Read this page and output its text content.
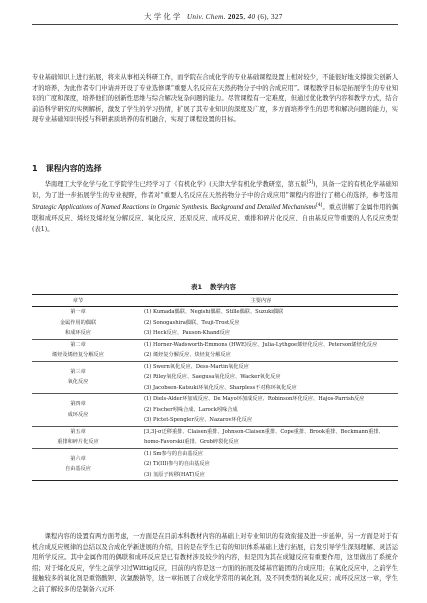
大 学 化 学 Univ. Chem. 2025, 40 (6), 327
专业基础知识上进行拓展，将来从事相关科研工作，而学院在合成化学的专业基础课程设置上相对较少，不能很好地支撑拔尖创新人才的培养，为此作者专门申请并开设了专业选修课“重要人名反应在天然药物分子中的合成应用”。课程教学目标是拓展学生的专业知识的广度和深度，培养他们的创新性思维与综合解决复杂问题的能力。尽管课程有一定难度，但通过优化教学内容和教学方式，结合前沿科学研究的实例解析，激发了学生的学习热情，扩展了其专业知识的深度及广度，多方面培养学生的思考和解决问题的能力，实现专业基础知识传授与科研素质培养的有机融合，实现了课程设置的目标。
1 课程内容的选择
华南理工大学化学与化工学院学生已经学习了《有机化学》(天津大学有机化学教研室，第五版[5])，具备一定的有机化学基础知识，为了进一步拓展学生的专业视野，作者对“重要人名反应在天然药物分子中的合成应用”课程内容进行了精心的选择，参考选用Strategic Applications of Named Reactions in Organic Synthesis. Background and Detailed Mechanisms[4]。重点讲解了金属作用的偶联和成环反应、烯烃及烯烃复分解反应、氧化反应、还原反应、成环反应、重排和碎片化反应、自由基反应等重要的人名反应类型(表1)。
表1 教学内容
章节	主要内容

第一章
金属作用的偶联
和成环反应	(1) Kumada偶联、Negishi偶联、Stille偶联、Suzuki偶联
(2) Sonogashira偶联、Tsuji-Trost反应
(3) Heck反应、Pauson-Khand反应

第二章
烯烃及烯烃复分解反应	(1) Horner-Wadsworth-Emmons (HWE)反应、Julia-Lythgoe烯烃化反应、Peterson烯烃化反应
(2) 烯烃复分解反应、炔烃复分解反应

第三章
氧化反应	(1) Swern氧化反应、Dess-Martin氧化反应
(2) Riley氧化反应、Saegusa氧化反应、Wacker氧化反应
(3) Jacobsen-Katsuki环氧化反应、Sharpless不对称环氧化反应

第四章
成环反应	(1) Diels-Alder环加成反应、De Mayo环加成反应、Robinson环化反应、Hajos-Parrish反应
(2) Fischer吲哚合成、Larock吲哚合成
(3) Pictet-Spengler反应、Nazarov环化反应

第五章
重排和碎片化反应	[3,3]-σ迁移重排、Claisen重排、Johnson-Claisen重排、Cope重排、Brook重排、Beckmann重排、
homo-Favorskii重排、Grob碎裂化反应

第六章
自由基反应	(1) Sm参与的自由基反应
(2) Ti(III)参与的自由基反应
(3) 氢原子转移(HAT)反应
课程内容的设置有两方面考虑，一方面是在目前本科教材内容的基础上对专业知识的有效衔接及进一步延伸，另一方面是对于有机合成反应规律的总结以及合成化学新进展的介绍，目的是在学生已有的知识体系基础上进行拓展，启发引导学生深刻理解、灵活运用所学反应。其中金属作用的偶联和成环反应是已有教材涉及较少的内容，但是因为其在成键反应有重要作用，这里做出了系统介绍；对于烯化反应，学生之前学习过Wittig反应，目前的内容是这一方面的拓展及烯基官能团的合成应用；在氧化反应中，之前学生接触较多的氧化剂是重铬酸钾、次氯酸钠等，这一章拓展了合成化学常用的氧化剂，及不同类型的氧化反应；成环反应这一章，学生之前了解较多的是制备六元环
